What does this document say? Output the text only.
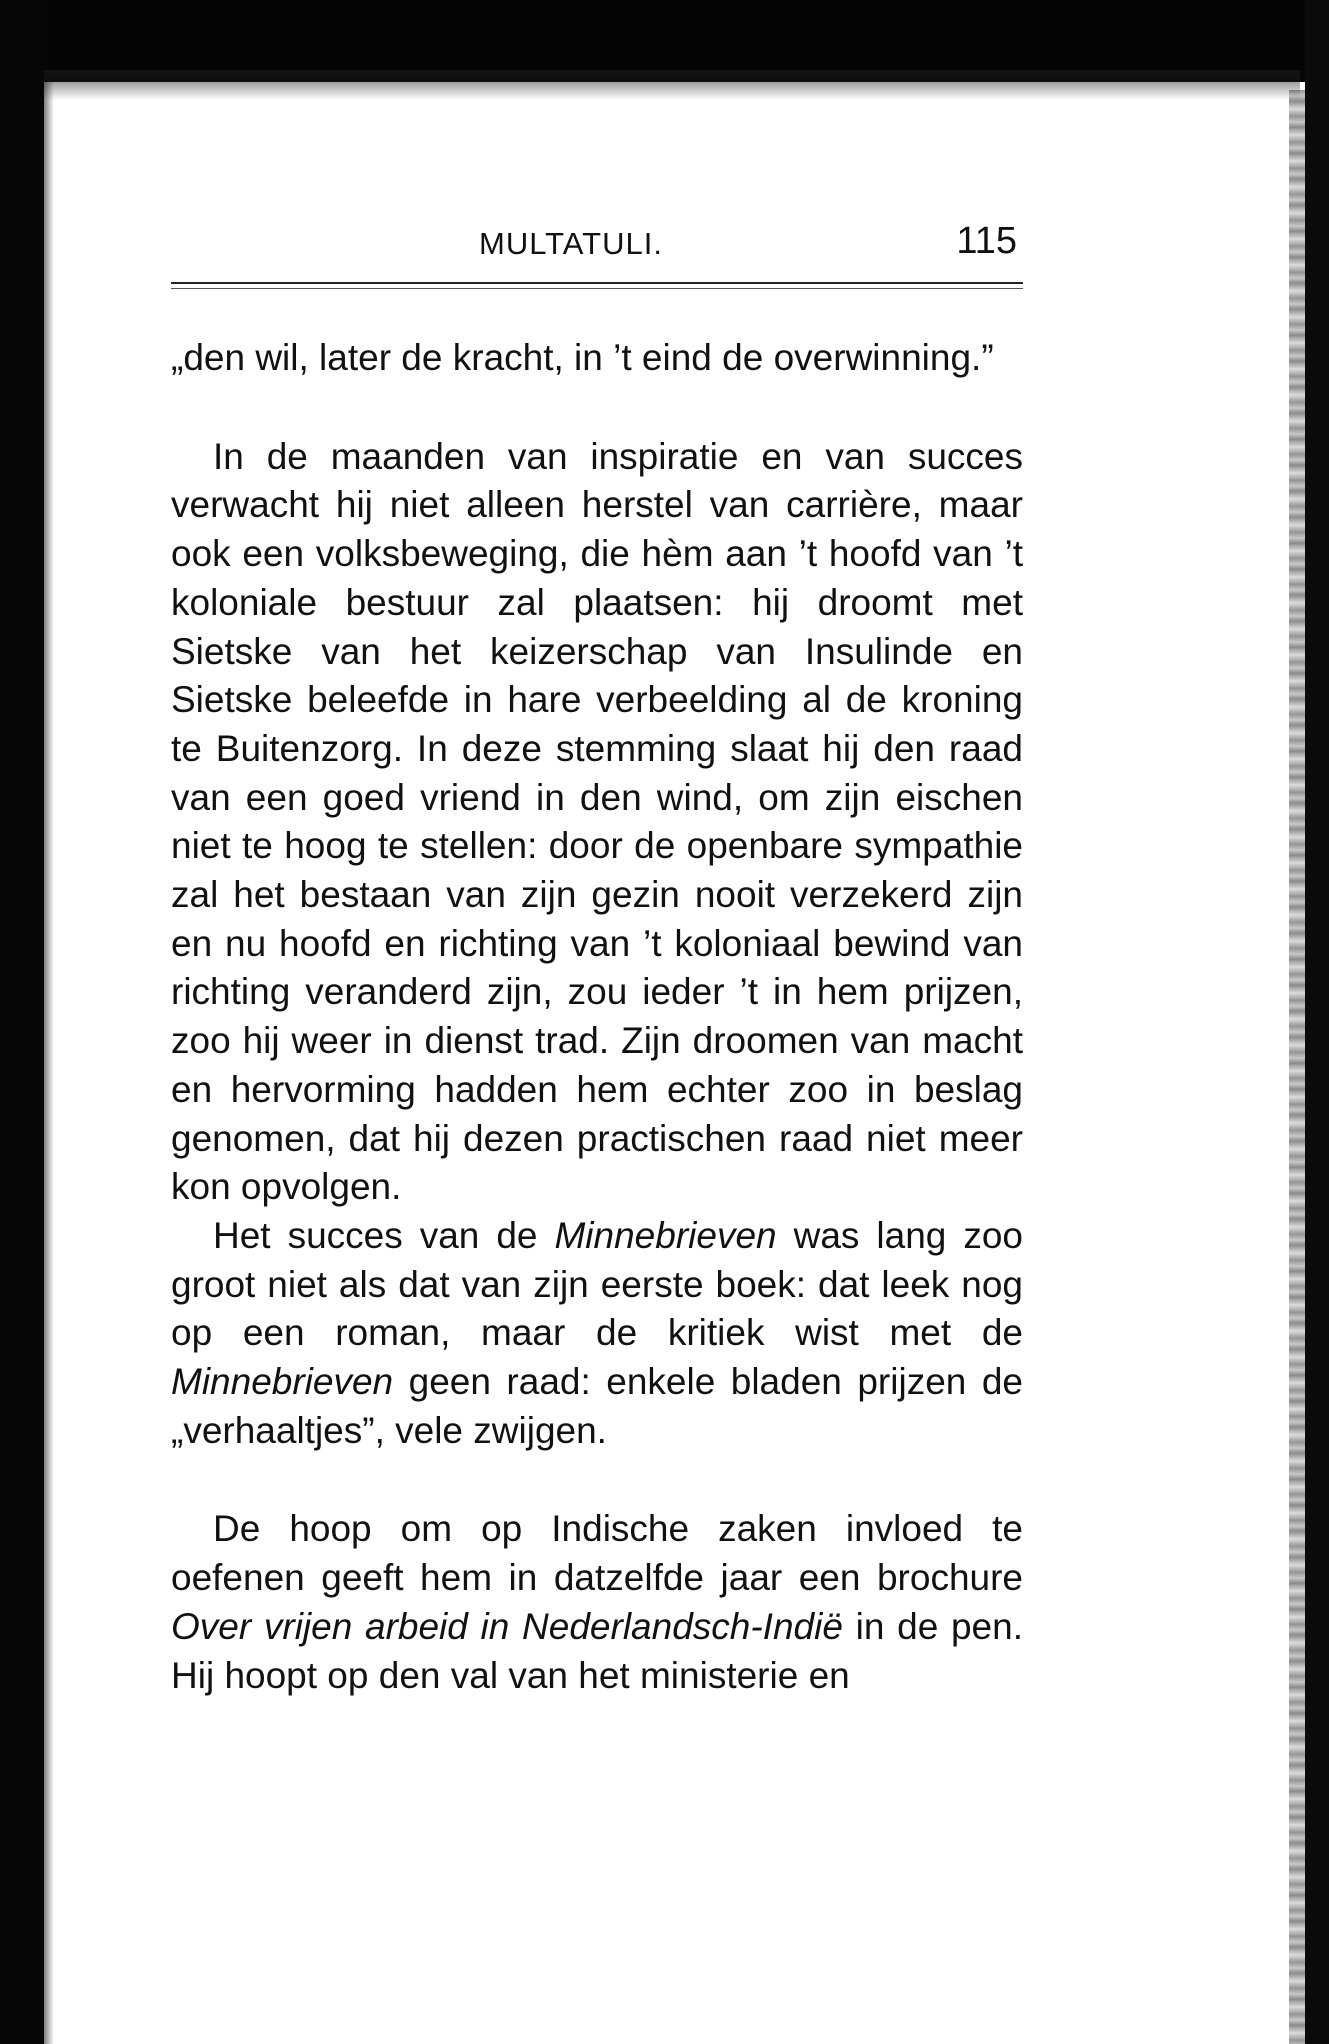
MULTATULI.	115

„den wil, later de kracht, in ’t eind de overwinning.”

In de maanden van inspiratie en van succes verwacht hij niet alleen herstel van carrière, maar ook een volksbeweging, die hèm aan ’t hoofd van ’t koloniale bestuur zal plaatsen: hij droomt met Sietske van het keizerschap van Insulinde en Sietske beleefde in hare verbeelding al de kroning te Buitenzorg. In deze stemming slaat hij den raad van een goed vriend in den wind, om zijn eischen niet te hoog te stellen: door de openbare sympathie zal het bestaan van zijn gezin nooit verzekerd zijn en nu hoofd en richting van ’t koloniaal bewind van richting veranderd zijn, zou ieder ’t in hem prijzen, zoo hij weer in dienst trad. Zijn droomen van macht en hervorming hadden hem echter zoo in beslag genomen, dat hij dezen practischen raad niet meer kon opvolgen.

Het succes van de Minnebrieven was lang zoo groot niet als dat van zijn eerste boek: dat leek nog op een roman, maar de kritiek wist met de Minnebrieven geen raad: enkele bladen prijzen de „verhaaltjes”, vele zwijgen.

De hoop om op Indische zaken invloed te oefenen geeft hem in datzelfde jaar een brochure Over vrijen arbeid in Nederlandsch-Indië in de pen. Hij hoopt op den val van het ministerie en
